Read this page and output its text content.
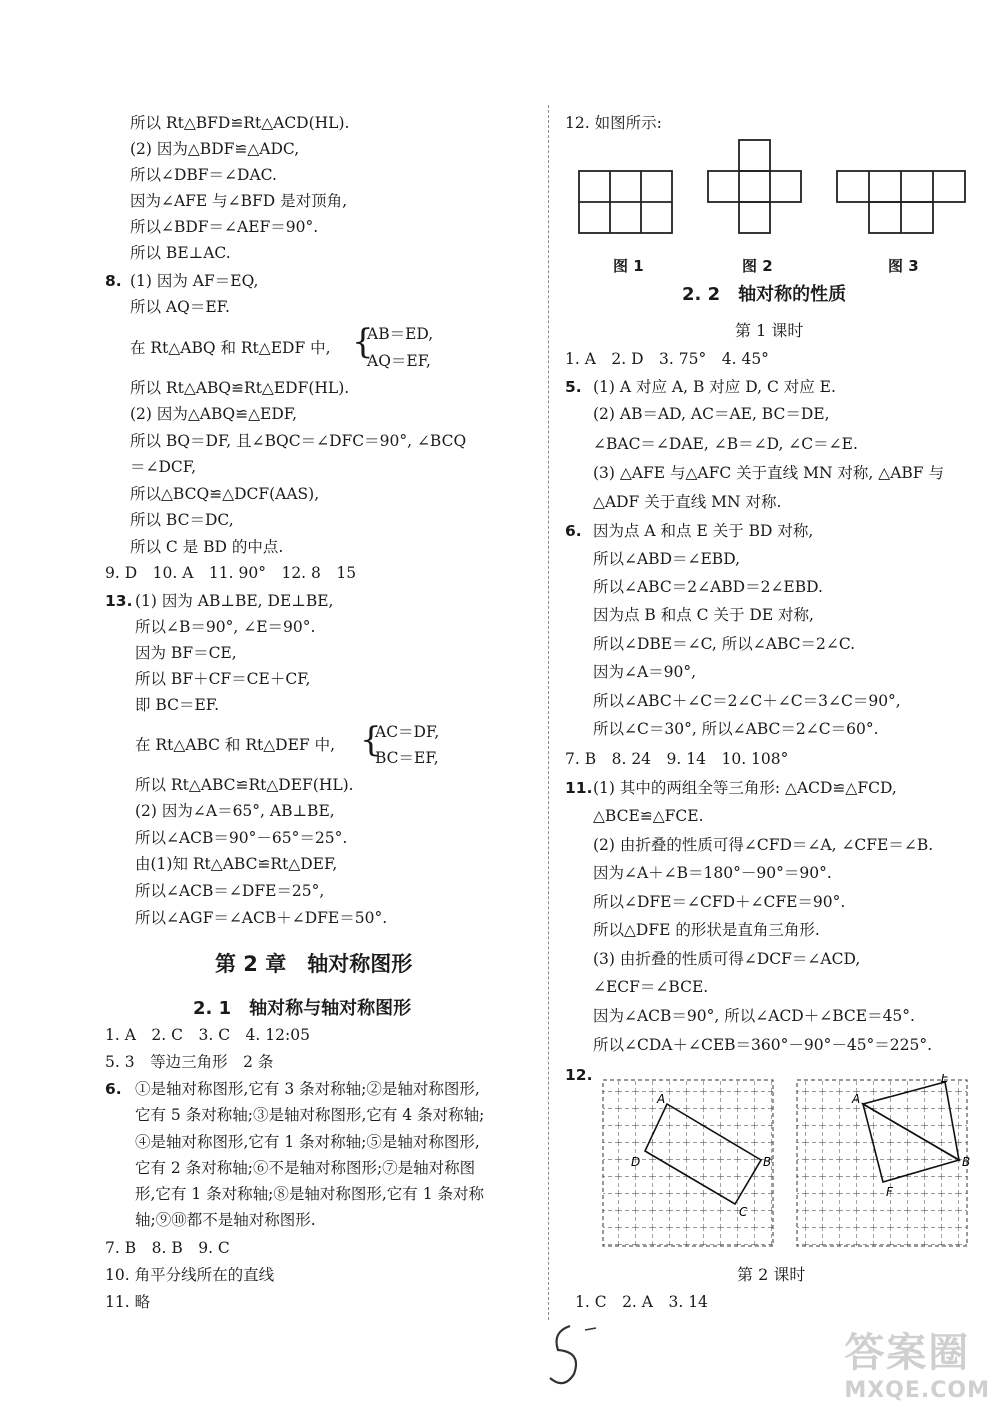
所以 Rt△BFD≌Rt△ACD(HL).
(2) 因为△BDF≌△ADC,
所以∠DBF＝∠DAC.
因为∠AFE 与∠BFD 是对顶角,
所以∠BDF＝∠AEF＝90°.
所以 BE⊥AC.
8. (1) 因为 AF＝EQ,
所以 AQ＝EF.
在 Rt△ABQ 和 Rt△EDF 中, {
AB＝ED,
AQ＝EF,
所以 Rt△ABQ≌Rt△EDF(HL).
(2) 因为△ABQ≌△EDF,
所以 BQ＝DF, 且∠BQC＝∠DFC＝90°, ∠BCQ
＝∠DCF,
所以△BCQ≌△DCF(AAS),
所以 BC＝DC,
所以 C 是 BD 的中点.
9. D　10. A　11. 90°　12. 8　15
13. (1) 因为 AB⊥BE, DE⊥BE,
所以∠B＝90°, ∠E＝90°.
因为 BF＝CE,
所以 BF＋CF＝CE＋CF,
即 BC＝EF.
在 Rt△ABC 和 Rt△DEF 中, {
AC＝DF,
BC＝EF,
所以 Rt△ABC≌Rt△DEF(HL).
(2) 因为∠A＝65°, AB⊥BE,
所以∠ACB＝90°－65°＝25°.
由(1)知 Rt△ABC≌Rt△DEF,
所以∠ACB＝∠DFE＝25°,
所以∠AGF＝∠ACB＋∠DFE＝50°.
第 2 章　轴对称图形
2. 1　轴对称与轴对称图形
1. A　2. C　3. C　4. 12:05
5. 3　等边三角形　2 条
6. ①是轴对称图形,它有 3 条对称轴;②是轴对称图形,
它有 5 条对称轴;③是轴对称图形,它有 4 条对称轴;
④是轴对称图形,它有 1 条对称轴;⑤是轴对称图形,
它有 2 条对称轴;⑥不是轴对称图形;⑦是轴对称图
形,它有 1 条对称轴;⑧是轴对称图形,它有 1 条对称
轴;⑨⑩都不是轴对称图形.
7. B　8. B　9. C
10. 角平分线所在的直线
11. 略
12. 如图所示:
图 1	图 2	图 3
2. 2　轴对称的性质
第 1 课时
1. A　2. D　3. 75°　4. 45°
5. (1) A 对应 A, B 对应 D, C 对应 E.
(2) AB＝AD, AC＝AE, BC＝DE,
∠BAC＝∠DAE, ∠B＝∠D, ∠C＝∠E.
(3) △AFE 与△AFC 关于直线 MN 对称, △ABF 与
△ADF 关于直线 MN 对称.
6. 因为点 A 和点 E 关于 BD 对称,
所以∠ABD＝∠EBD,
所以∠ABC＝2∠ABD＝2∠EBD.
因为点 B 和点 C 关于 DE 对称,
所以∠DBE＝∠C, 所以∠ABC＝2∠C.
因为∠A＝90°,
所以∠ABC＋∠C＝2∠C＋∠C＝3∠C＝90°,
所以∠C＝30°, 所以∠ABC＝2∠C＝60°.
7. B　8. 24　9. 14　10. 108°
11. (1) 其中的两组全等三角形: △ACD≌△FCD,
△BCE≌△FCE.
(2) 由折叠的性质可得∠CFD＝∠A, ∠CFE＝∠B.
因为∠A＋∠B＝180°－90°＝90°.
所以∠DFE＝∠CFD＋∠CFE＝90°.
所以△DFE 的形状是直角三角形.
(3) 由折叠的性质可得∠DCF＝∠ACD,
∠ECF＝∠BCE.
因为∠ACB＝90°, 所以∠ACD＋∠BCE＝45°.
所以∠CDA＋∠CEB＝360°－90°－45°＝225°.
12.
A
B
C
D
A
B
E
F
第 2 课时
1. C　2. A　3. 14
答案圈
MXQE.COM
